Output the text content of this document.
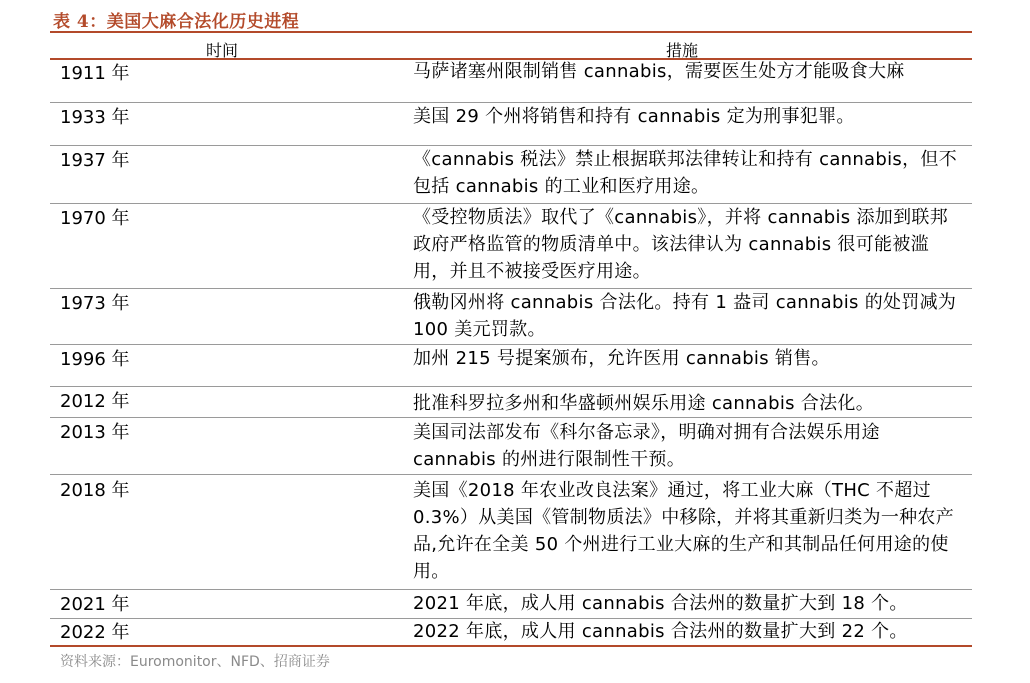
表 4：美国大麻合法化历史进程
时间	措施
1911 年	马萨诸塞州限制销售 cannabis，需要医生处方才能吸食大麻
1933 年	美国 29 个州将销售和持有 cannabis 定为刑事犯罪。
1937 年	《cannabis 税法》禁止根据联邦法律转让和持有 cannabis，但不包括 cannabis 的工业和医疗用途。
1970 年	《受控物质法》取代了《cannabis》，并将 cannabis 添加到联邦政府严格监管的物质清单中。该法律认为 cannabis 很可能被滥用，并且不被接受医疗用途。
1973 年	俄勒冈州将 cannabis 合法化。持有 1 盎司 cannabis 的处罚减为 100 美元罚款。
1996 年	加州 215 号提案颁布，允许医用 cannabis 销售。
2012 年	批准科罗拉多州和华盛顿州娱乐用途 cannabis 合法化。
2013 年	美国司法部发布《科尔备忘录》，明确对拥有合法娱乐用途 cannabis 的州进行限制性干预。
2018 年	美国《2018 年农业改良法案》通过，将工业大麻（THC 不超过 0.3%）从美国《管制物质法》中移除，并将其重新归类为一种农产品,允许在全美 50 个州进行工业大麻的生产和其制品任何用途的使用。
2021 年	2021 年底，成人用 cannabis 合法州的数量扩大到 18 个。
2022 年	2022 年底，成人用 cannabis 合法州的数量扩大到 22 个。
资料来源：Euromonitor、NFD、招商证券
